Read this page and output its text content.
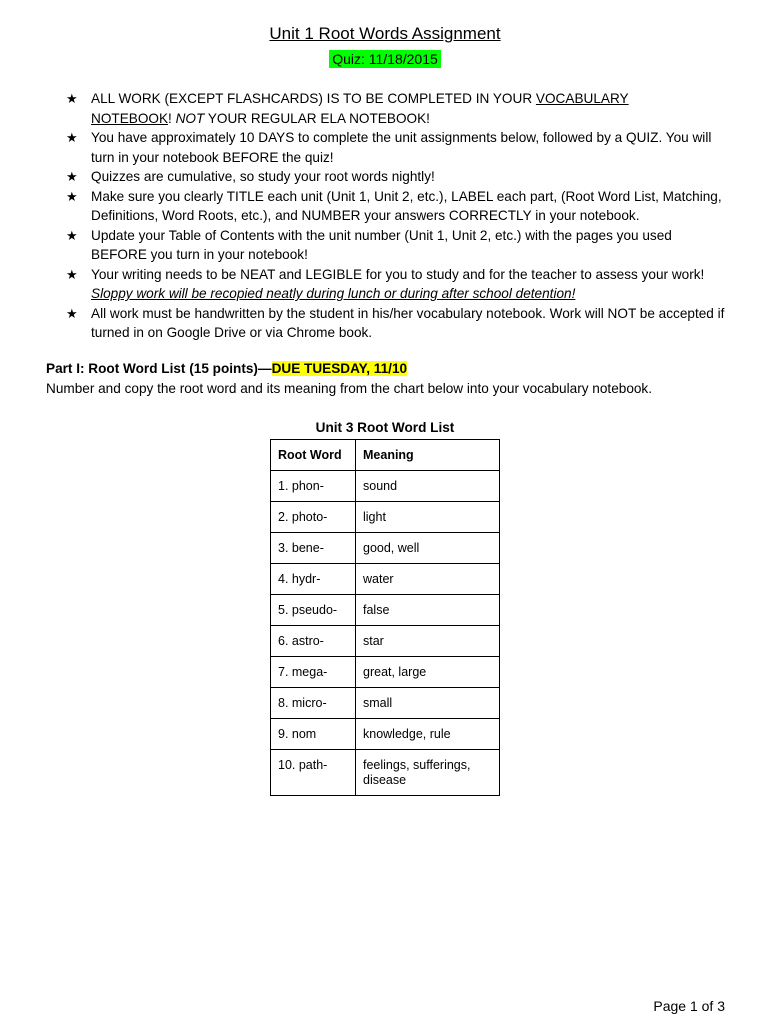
Unit 1 Root Words Assignment
Quiz: 11/18/2015
★ ALL WORK (EXCEPT FLASHCARDS) IS TO BE COMPLETED IN YOUR VOCABULARY
NOTEBOOK! NOT YOUR REGULAR ELA NOTEBOOK!
★ You have approximately 10 DAYS to complete the unit assignments below, followed by a QUIZ. You will turn in your notebook BEFORE the quiz!
★ Quizzes are cumulative, so study your root words nightly!
★ Make sure you clearly TITLE each unit (Unit 1, Unit 2, etc.), LABEL each part, (Root Word List, Matching, Definitions, Word Roots, etc.), and NUMBER your answers CORRECTLY in your notebook.
★ Update your Table of Contents with the unit number (Unit 1, Unit 2, etc.) with the pages you used BEFORE you turn in your notebook!
★ Your writing needs to be NEAT and LEGIBLE for you to study and for the teacher to assess your work!
Sloppy work will be recopied neatly during lunch or during after school detention!
★ All work must be handwritten by the student in his/her vocabulary notebook. Work will NOT be accepted if turned in on Google Drive or via Chrome book.
Part I: Root Word List (15 points)—DUE TUESDAY, 11/10
Number and copy the root word and its meaning from the chart below into your vocabulary notebook.
Unit 3 Root Word List
Root Word	Meaning
1. phon-	sound
2. photo-	light
3. bene-	good, well
4. hydr-	water
5. pseudo-	false
6. astro-	star
7. mega-	great, large
8. micro-	small
9. nom	knowledge, rule
10. path-	feelings, sufferings, disease
Page 1 of 3
